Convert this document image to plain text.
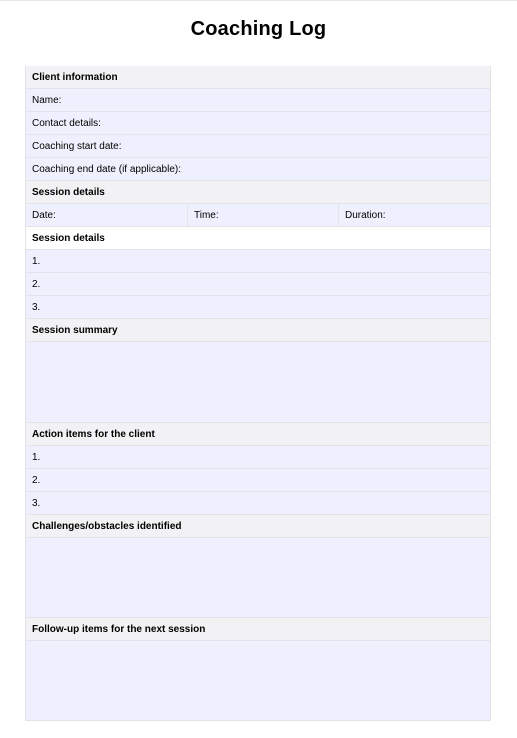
Coaching Log
Client information
Name:
Contact details:
Coaching start date:
Coaching end date (if applicable):
Session details
Date:	Time:	Duration:
Session details
1.
2.
3.
Session summary
Action items for the client
1.
2.
3.
Challenges/obstacles identified
Follow-up items for the next session
